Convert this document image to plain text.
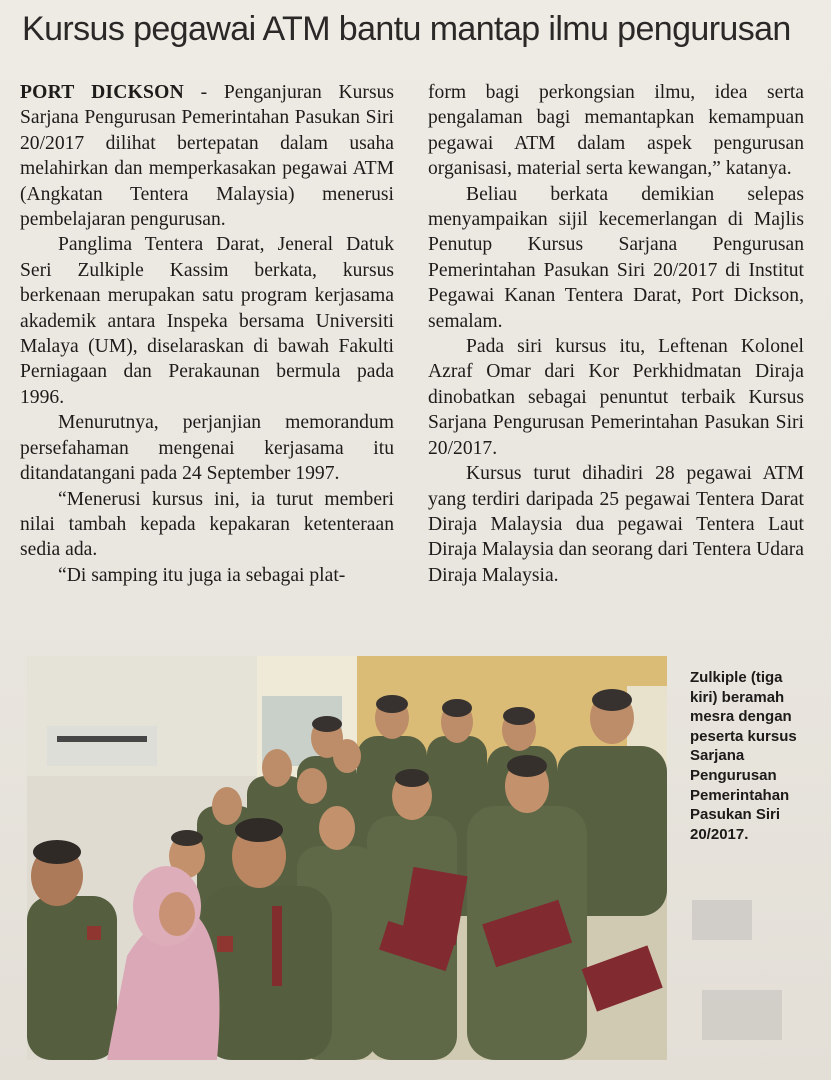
Kursus pegawai ATM bantu mantap ilmu pengurusan

PORT DICKSON - Penganjuran Kursus Sarjana Pengurusan Pemerintahan Pasukan Siri 20/2017 dilihat bertepatan dalam usaha melahirkan dan memperkasakan pegawai ATM (Angkatan Tentera Malaysia) menerusi pembelajaran pengurusan.

Panglima Tentera Darat, Jeneral Datuk Seri Zulkiple Kassim berkata, kursus berkenaan merupakan satu program kerjasama akademik antara Inspeka bersama Universiti Malaya (UM), diselaraskan di bawah Fakulti Perniagaan dan Perakaunan bermula pada 1996.

Menurutnya, perjanjian memorandum persefahaman mengenai kerjasama itu ditandatangani pada 24 September 1997.

“Menerusi kursus ini, ia turut memberi nilai tambah kepada kepakaran ketenteraan sedia ada.

“Di samping itu juga ia sebagai plat-

form bagi perkongsian ilmu, idea serta pengalaman bagi memantapkan kemampuan pegawai ATM dalam aspek pengurusan organisasi, material serta kewangan,” katanya.

Beliau berkata demikian selepas menyampaikan sijil kecemerlangan di Majlis Penutup Kursus Sarjana Pengurusan Pemerintahan Pasukan Siri 20/2017 di Institut Pegawai Kanan Tentera Darat, Port Dickson, semalam.

Pada siri kursus itu, Leftenan Kolonel Azraf Omar dari Kor Perkhidmatan Diraja dinobatkan sebagai penuntut terbaik Kursus Sarjana Pengurusan Pemerintahan Pasukan Siri 20/2017.

Kursus turut dihadiri 28 pegawai ATM yang terdiri daripada 25 pegawai Tentera Darat Diraja Malaysia dua pegawai Tentera Laut Diraja Malaysia dan seorang dari Tentera Udara Diraja Malaysia.

Zulkiple (tiga
kiri) beramah
mesra dengan
peserta kursus
Sarjana
Pengurusan
Pemerintahan
Pasukan Siri
20/2017.
